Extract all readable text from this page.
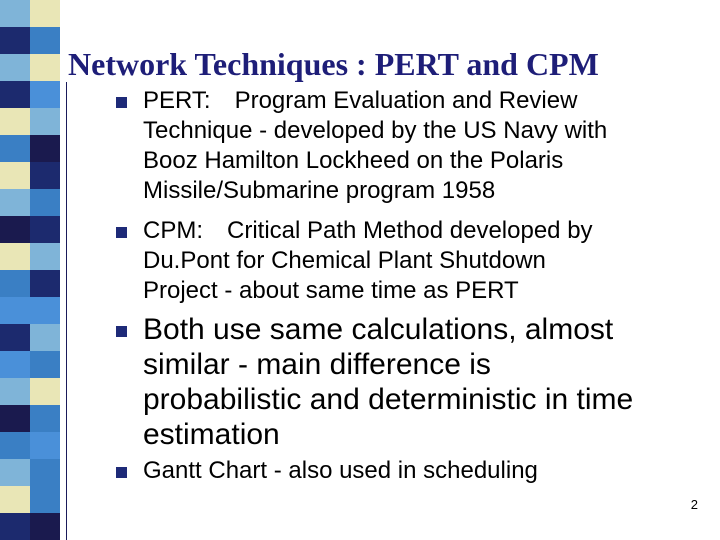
Network Techniques : PERT and CPM
PERT: Program Evaluation and Review
Technique - developed by the US Navy with
Booz Hamilton Lockheed on the Polaris
Missile/Submarine program 1958
CPM: Critical Path Method developed by
Du.Pont for Chemical Plant Shutdown
Project - about same time as PERT
Both use same calculations, almost
similar - main difference is
probabilistic and deterministic in time
estimation
Gantt Chart - also used in scheduling
2
